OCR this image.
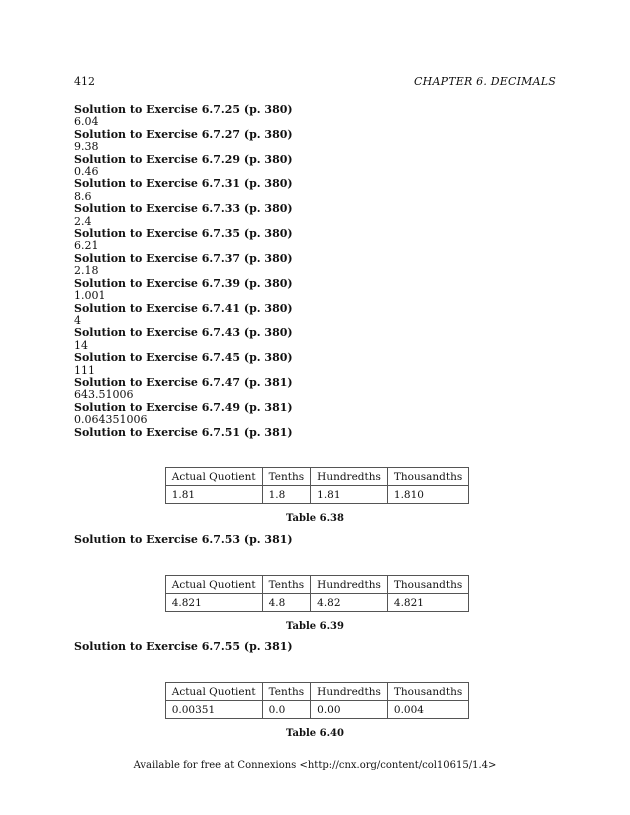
412	CHAPTER 6. DECIMALS
Solution to Exercise 6.7.25 (p. 380)
6.04
Solution to Exercise 6.7.27 (p. 380)
9.38
Solution to Exercise 6.7.29 (p. 380)
0.46
Solution to Exercise 6.7.31 (p. 380)
8.6
Solution to Exercise 6.7.33 (p. 380)
2.4
Solution to Exercise 6.7.35 (p. 380)
6.21
Solution to Exercise 6.7.37 (p. 380)
2.18
Solution to Exercise 6.7.39 (p. 380)
1.001
Solution to Exercise 6.7.41 (p. 380)
4
Solution to Exercise 6.7.43 (p. 380)
14
Solution to Exercise 6.7.45 (p. 380)
111
Solution to Exercise 6.7.47 (p. 381)
643.51006
Solution to Exercise 6.7.49 (p. 381)
0.064351006
Solution to Exercise 6.7.51 (p. 381)
Actual Quotient	Tenths	Hundredths	Thousandths
1.81	1.8	1.81	1.810
Table 6.38
Solution to Exercise 6.7.53 (p. 381)
Actual Quotient	Tenths	Hundredths	Thousandths
4.821	4.8	4.82	4.821
Table 6.39
Solution to Exercise 6.7.55 (p. 381)
Actual Quotient	Tenths	Hundredths	Thousandths
0.00351	0.0	0.00	0.004
Table 6.40
Available for free at Connexions <http://cnx.org/content/col10615/1.4>
